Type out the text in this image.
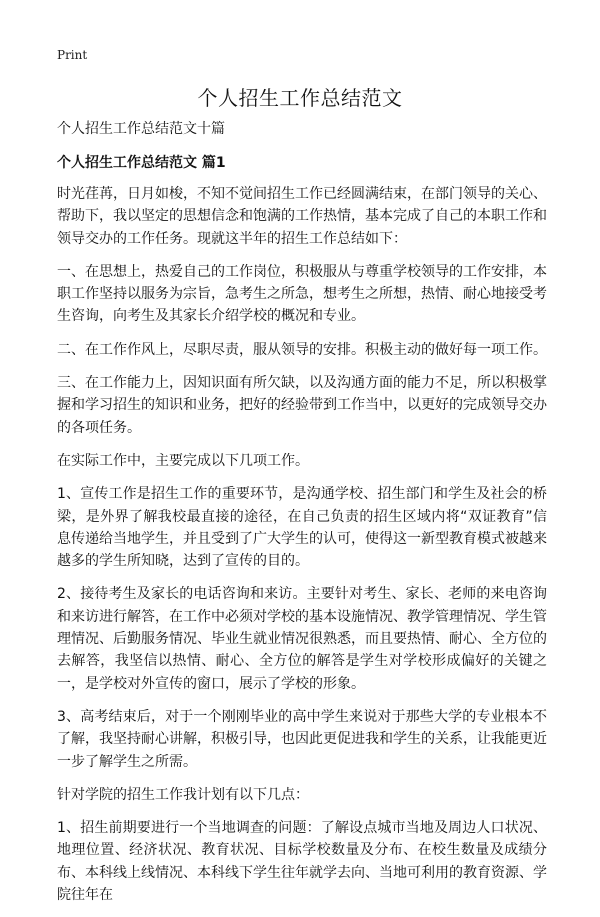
Print
个人招生工作总结范文

个人招生工作总结范文十篇

个人招生工作总结范文 篇1

时光荏苒，日月如梭，不知不觉间招生工作已经圆满结束，在部门领导的关心、帮助下，我以坚定的思想信念和饱满的工作热情，基本完成了自己的本职工作和领导交办的工作任务。现就这半年的招生工作总结如下：

一、在思想上，热爱自己的工作岗位，积极服从与尊重学校领导的工作安排，本职工作坚持以服务为宗旨，急考生之所急，想考生之所想，热情、耐心地接受考生咨询，向考生及其家长介绍学校的概况和专业。

二、在工作作风上，尽职尽责，服从领导的安排。积极主动的做好每一项工作。

三、在工作能力上，因知识面有所欠缺，以及沟通方面的能力不足，所以积极掌握和学习招生的知识和业务，把好的经验带到工作当中，以更好的完成领导交办的各项任务。

在实际工作中，主要完成以下几项工作。

1、宣传工作是招生工作的重要环节，是沟通学校、招生部门和学生及社会的桥梁，是外界了解我校最直接的途径，在自己负责的招生区域内将“双证教育”信息传递给当地学生，并且受到了广大学生的认可，使得这一新型教育模式被越来越多的学生所知晓，达到了宣传的目的。

2、接待考生及家长的电话咨询和来访。主要针对考生、家长、老师的来电咨询和来访进行解答，在工作中必须对学校的基本设施情况、教学管理情况、学生管理情况、后勤服务情况、毕业生就业情况很熟悉，而且要热情、耐心、全方位的去解答，我坚信以热情、耐心、全方位的解答是学生对学校形成偏好的关键之一，是学校对外宣传的窗口，展示了学校的形象。

3、高考结束后，对于一个刚刚毕业的高中学生来说对于那些大学的专业根本不了解，我坚持耐心讲解，积极引导，也因此更促进我和学生的关系，让我能更近一步了解学生之所需。

针对学院的招生工作我计划有以下几点：

1、招生前期要进行一个当地调查的问题：了解设点城市当地及周边人口状况、地理位置、经济状况、教育状况、目标学校数量及分布、在校生数量及成绩分布、本科线上线情况、本科线下学生往年就学去向、当地可利用的教育资源、学院往年在
